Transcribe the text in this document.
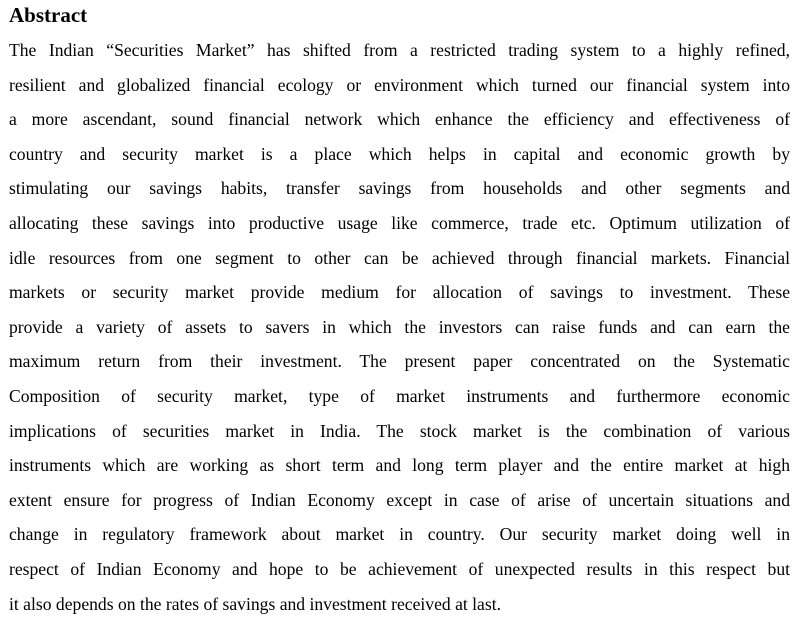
Abstract
The Indian “Securities Market” has shifted from a restricted trading system to a highly refined,
resilient and globalized financial ecology or environment which turned our financial system into
a more ascendant, sound financial network which enhance the efficiency and effectiveness of
country and security market is a place which helps in capital and economic growth by
stimulating our savings habits, transfer savings from households and other segments and
allocating these savings into productive usage like commerce, trade etc. Optimum utilization of
idle resources from one segment to other can be achieved through financial markets. Financial
markets or security market provide medium for allocation of savings to investment. These
provide a variety of assets to savers in which the investors can raise funds and can earn the
maximum return from their investment. The present paper concentrated on the Systematic
Composition of security market, type of market instruments and furthermore economic
implications of securities market in India. The stock market is the combination of various
instruments which are working as short term and long term player and the entire market at high
extent ensure for progress of Indian Economy except in case of arise of uncertain situations and
change in regulatory framework about market in country. Our security market doing well in
respect of Indian Economy and hope to be achievement of unexpected results in this respect but
it also depends on the rates of savings and investment received at last.
